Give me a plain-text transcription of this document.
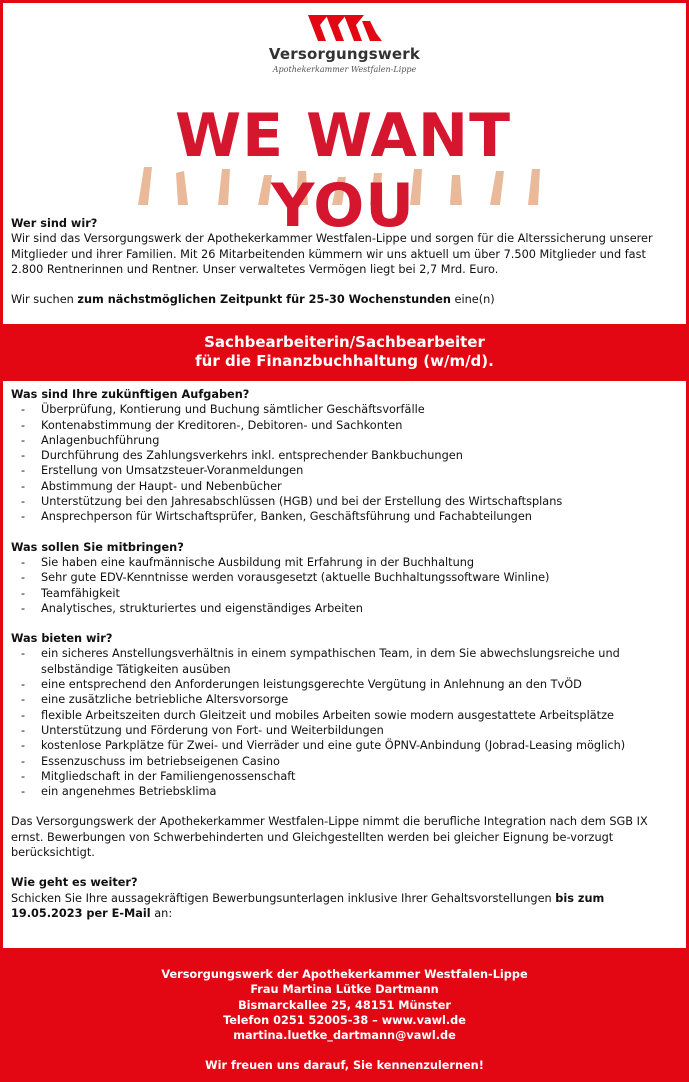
Versorgungswerk
Apothekerkammer Westfalen-Lippe
WE WANT YOU
Wer sind wir?

Wir sind das Versorgungswerk der Apothekerkammer Westfalen-Lippe und sorgen für die Alterssicherung unserer Mitglieder und ihrer Familien. Mit 26 Mitarbeitenden kümmern wir uns aktuell um über 7.500 Mitglieder und fast 2.800 Rentnerinnen und Rentner. Unser verwaltetes Vermögen liegt bei 2,7 Mrd. Euro.

Wir suchen zum nächstmöglichen Zeitpunkt für 25-30 Wochenstunden eine(n)

Sachbearbeiterin/Sachbearbeiter
für die Finanzbuchhaltung (w/m/d).
Was sind Ihre zukünftigen Aufgaben?
- Überprüfung, Kontierung und Buchung sämtlicher Geschäftsvorfälle
- Kontenabstimmung der Kreditoren-, Debitoren- und Sachkonten
- Anlagenbuchführung
- Durchführung des Zahlungsverkehrs inkl. entsprechender Bankbuchungen
- Erstellung von Umsatzsteuer-Voranmeldungen
- Abstimmung der Haupt- und Nebenbücher
- Unterstützung bei den Jahresabschlüssen (HGB) und bei der Erstellung des Wirtschaftsplans
- Ansprechperson für Wirtschaftsprüfer, Banken, Geschäftsführung und Fachabteilungen
Was sollen Sie mitbringen?
- Sie haben eine kaufmännische Ausbildung mit Erfahrung in der Buchhaltung
- Sehr gute EDV-Kenntnisse werden vorausgesetzt (aktuelle Buchhaltungssoftware Winline)
- Teamfähigkeit
- Analytisches, strukturiertes und eigenständiges Arbeiten
Was bieten wir?
- ein sicheres Anstellungsverhältnis in einem sympathischen Team, in dem Sie abwechslungsreiche und selbständige Tätigkeiten ausüben
- eine entsprechend den Anforderungen leistungsgerechte Vergütung in Anlehnung an den TvÖD
- eine zusätzliche betriebliche Altersvorsorge
- flexible Arbeitszeiten durch Gleitzeit und mobiles Arbeiten sowie modern ausgestattete Arbeitsplätze
- Unterstützung und Förderung von Fort- und Weiterbildungen
- kostenlose Parkplätze für Zwei- und Vierräder und eine gute ÖPNV-Anbindung (Jobrad-Leasing möglich)
- Essenzuschuss im betriebseigenen Casino
- Mitgliedschaft in der Familiengenossenschaft
- ein angenehmes Betriebsklima

Das Versorgungswerk der Apothekerkammer Westfalen-Lippe nimmt die berufliche Integration nach dem SGB IX ernst. Bewerbungen von Schwerbehinderten und Gleichgestellten werden bei gleicher Eignung be-vorzugt berücksichtigt.

Wie geht es weiter?

Schicken Sie Ihre aussagekräftigen Bewerbungsunterlagen inklusive Ihrer Gehaltsvorstellungen bis zum 19.05.2023 per E-Mail an:

Versorgungswerk der Apothekerkammer Westfalen-Lippe
Frau Martina Lütke Dartmann
Bismarckallee 25, 48151 Münster
Telefon 0251 52005-38 – www.vawl.de
martina.luetke_dartmann@vawl.de
Wir freuen uns darauf, Sie kennenzulernen!
